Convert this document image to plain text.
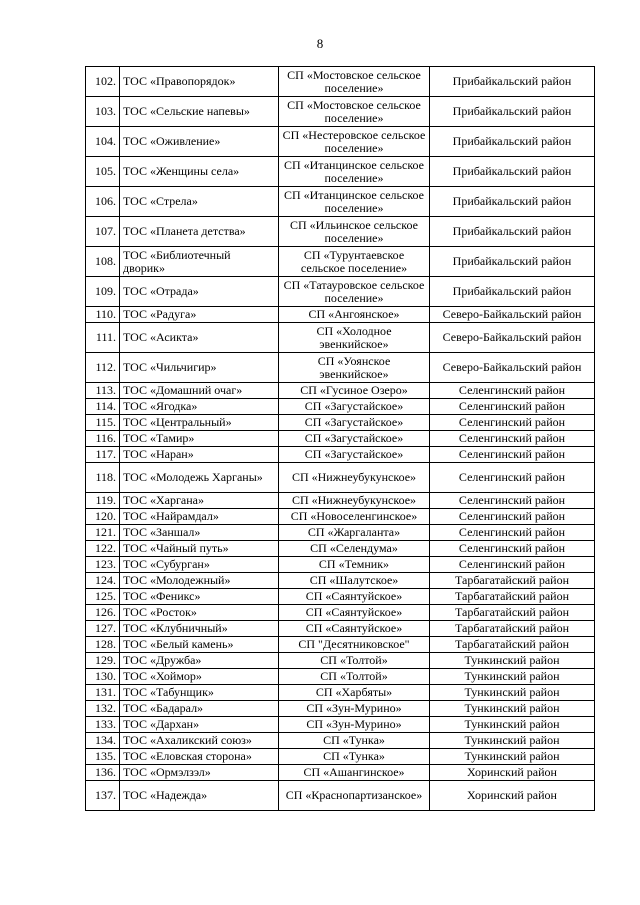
8
102.	ТОС «Правопорядок»	СП «Мостовское сельское поселение»	Прибайкальский район
103.	ТОС «Сельские напевы»	СП «Мостовское сельское поселение»	Прибайкальский район
104.	ТОС «Оживление»	СП «Нестеровское сельское поселение»	Прибайкальский район
105.	ТОС «Женщины села»	СП «Итанцинское сельское поселение»	Прибайкальский район
106.	ТОС «Стрела»	СП «Итанцинское сельское поселение»	Прибайкальский район
107.	ТОС «Планета детства»	СП «Ильинское сельское поселение»	Прибайкальский район
108.	ТОС «Библиотечный дворик»	СП «Турунтаевское сельское поселение»	Прибайкальский район
109.	ТОС «Отрада»	СП «Татауровское сельское поселение»	Прибайкальский район
110.	ТОС «Радуга»	СП «Ангоянское»	Северо-Байкальский район
111.	ТОС «Асикта»	СП «Холодное эвенкийское»	Северо-Байкальский район
112.	ТОС «Чильчигир»	СП «Уоянское эвенкийское»	Северо-Байкальский район
113.	ТОС «Домашний очаг»	СП «Гусиное Озеро»	Селенгинский район
114.	ТОС «Ягодка»	СП «Загустайское»	Селенгинский район
115.	ТОС «Центральный»	СП «Загустайское»	Селенгинский район
116.	ТОС «Тамир»	СП «Загустайское»	Селенгинский район
117.	ТОС «Наран»	СП «Загустайское»	Селенгинский район
118.	ТОС «Молодежь Харганы»	СП «Нижнеубукунское»	Селенгинский район
119.	ТОС «Харгана»	СП «Нижнеубукунское»	Селенгинский район
120.	ТОС «Найрамдал»	СП «Новоселенгинское»	Селенгинский район
121.	ТОС «Заншал»	СП «Жаргаланта»	Селенгинский район
122.	ТОС «Чайный путь»	СП «Селендума»	Селенгинский район
123.	ТОС «Субурган»	СП «Темник»	Селенгинский район
124.	ТОС «Молодежный»	СП «Шалутское»	Тарбагатайский район
125.	ТОС «Феникс»	СП «Саянтуйское»	Тарбагатайский район
126.	ТОС «Росток»	СП «Саянтуйское»	Тарбагатайский район
127.	ТОС «Клубничный»	СП «Саянтуйское»	Тарбагатайский район
128.	ТОС «Белый камень»	СП "Десятниковское"	Тарбагатайский район
129.	ТОС «Дружба»	СП «Толтой»	Тункинский район
130.	ТОС «Хоймор»	СП «Толтой»	Тункинский район
131.	ТОС «Табунщик»	СП «Харбяты»	Тункинский район
132.	ТОС «Бадарал»	СП «Зун-Мурино»	Тункинский район
133.	ТОС «Дархан»	СП «Зун-Мурино»	Тункинский район
134.	ТОС «Ахаликский союз»	СП «Тунка»	Тункинский район
135.	ТОС «Еловская сторона»	СП «Тунка»	Тункинский район
136.	ТОС «Ормэлзэл»	СП «Ашангинское»	Хоринский район
137.	ТОС «Надежда»	СП «Краснопартизанское»	Хоринский район
